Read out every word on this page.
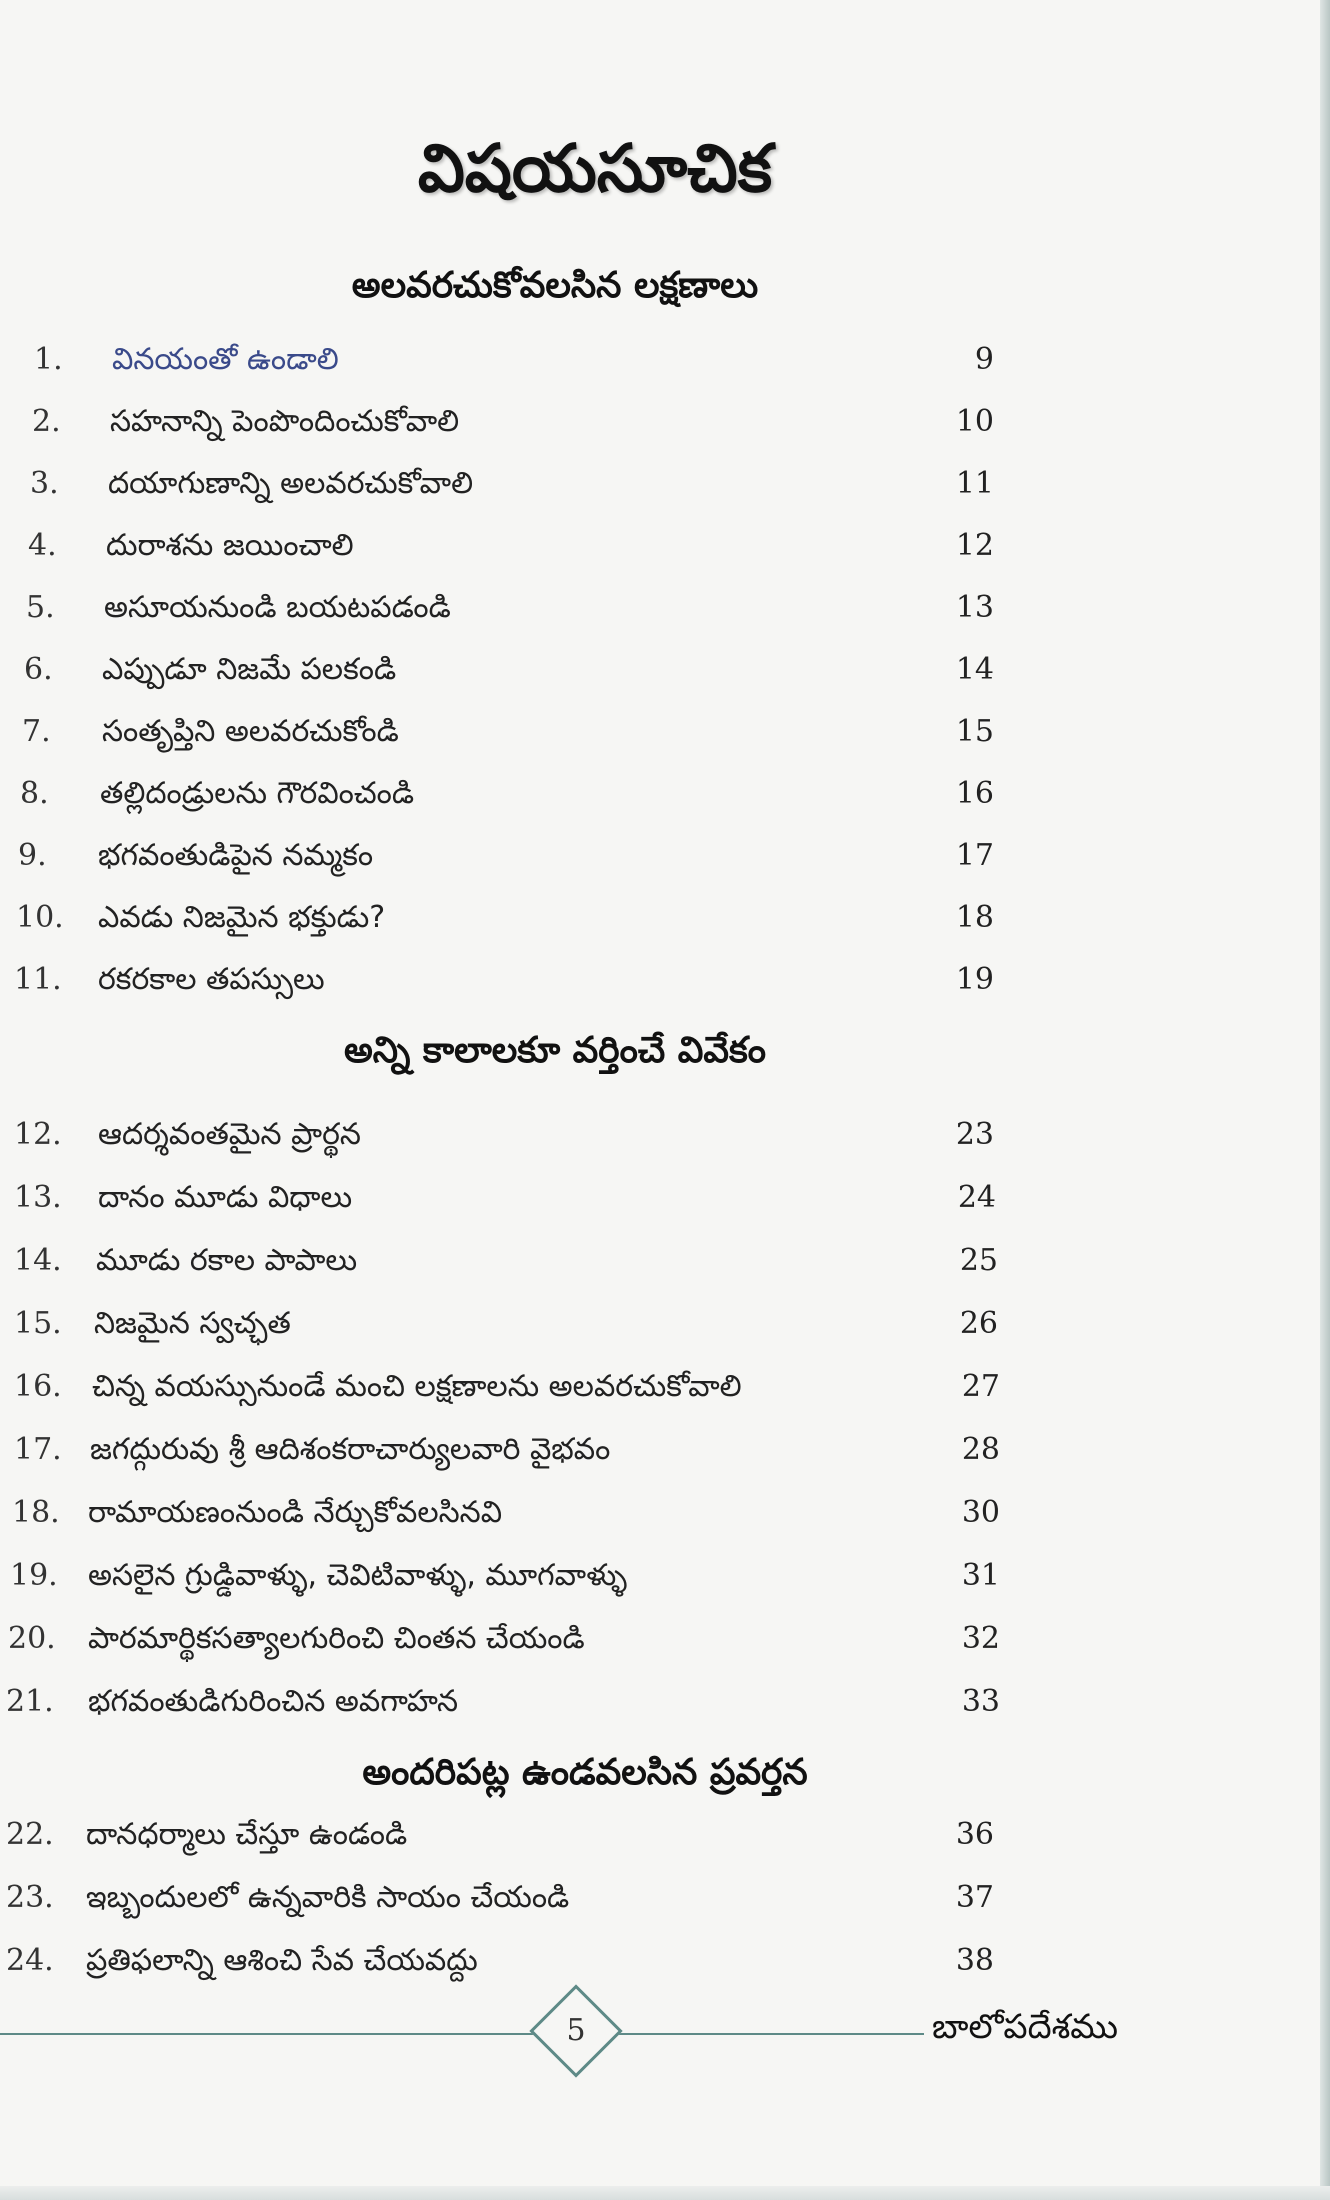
విషయసూచిక
అలవరచుకోవలసిన లక్షణాలు
1. వినయంతో ఉండాలి	9
2. సహనాన్ని పెంపొందించుకోవాలి	10
3. దయాగుణాన్ని అలవరచుకోవాలి	11
4. దురాశను జయించాలి	12
5. అసూయనుండి బయటపడండి	13
6. ఎప్పుడూ నిజమే పలకండి	14
7. సంతృప్తిని అలవరచుకోండి	15
8. తల్లిదండ్రులను గౌరవించండి	16
9. భగవంతుడిపైన నమ్మకం	17
10. ఎవడు నిజమైన భక్తుడు?	18
11. రకరకాల తపస్సులు	19
అన్ని కాలాలకూ వర్తించే వివేకం
12. ఆదర్శవంతమైన ప్రార్థన	23
13. దానం మూడు విధాలు	24
14. మూడు రకాల పాపాలు	25
15. నిజమైన స్వచ్ఛత	26
16. చిన్న వయస్సునుండే మంచి లక్షణాలను అలవరచుకోవాలి	27
17. జగద్గురువు శ్రీ ఆదిశంకరాచార్యులవారి వైభవం	28
18. రామాయణంనుండి నేర్చుకోవలసినవి	30
19. అసలైన గ్రుడ్డివాళ్ళు, చెవిటివాళ్ళు, మూగవాళ్ళు	31
20. పారమార్థికసత్యాలగురించి చింతన చేయండి	32
21. భగవంతుడిగురించిన అవగాహన	33
అందరిపట్ల ఉండవలసిన ప్రవర్తన
22. దానధర్మాలు చేస్తూ ఉండండి	36
23. ఇబ్బందులలో ఉన్నవారికి సాయం చేయండి	37
24. ప్రతిఫలాన్ని ఆశించి సేవ చేయవద్దు	38
5	బాలోపదేశము
